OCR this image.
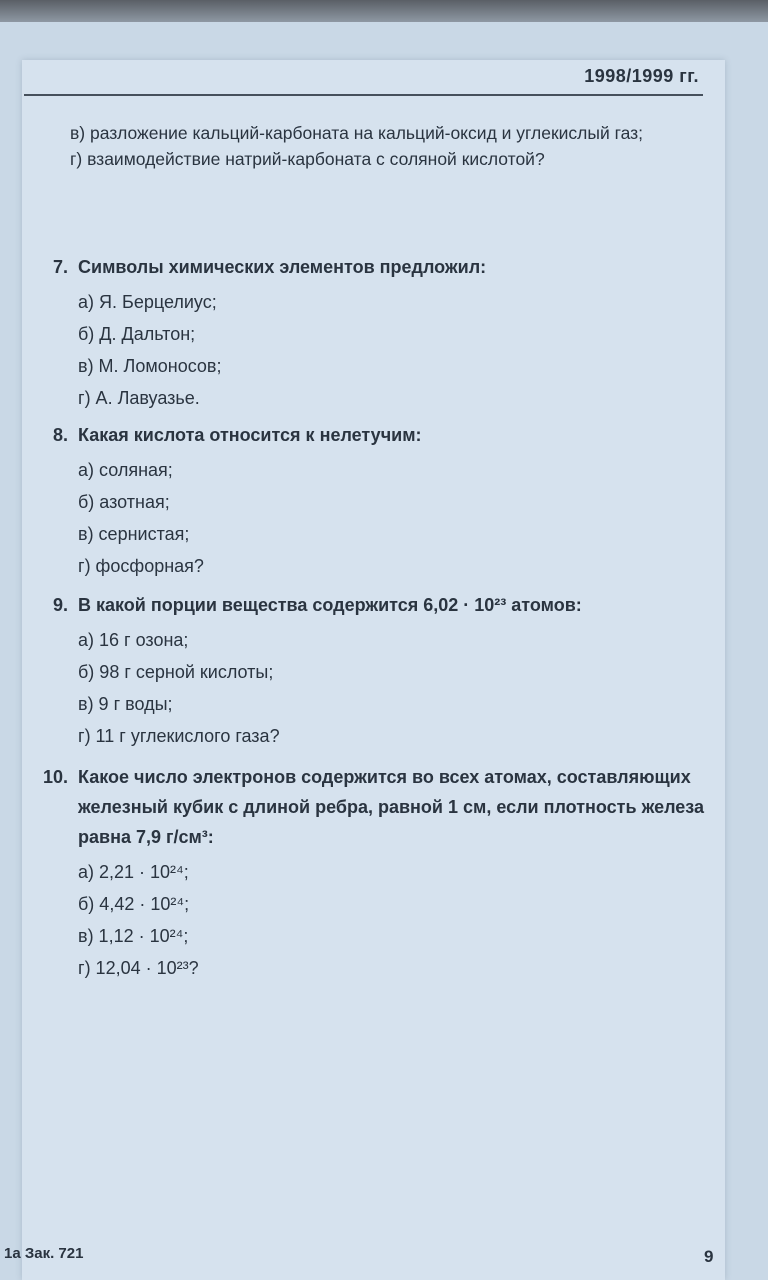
1998/1999 гг.

в) разложение кальций-карбоната на кальций-оксид и углекислый газ;

г) взаимодействие натрий-карбоната с соляной кислотой?

7. Символы химических элементов предложил:
а) Я. Берцелиус;
б) Д. Дальтон;
в) М. Ломоносов;
г) А. Лавуазье.
8. Какая кислота относится к нелетучим:
а) соляная;
б) азотная;
в) сернистая;
г) фосфорная?
9. В какой порции вещества содержится 6,02 · 10²³ атомов:
а) 16 г озона;
б) 98 г серной кислоты;
в) 9 г воды;
г) 11 г углекислого газа?
10. Какое число электронов содержится во всех атомах, составляющих железный кубик с длиной ребра, равной 1 см, если плотность железа равна 7,9 г/см³:
а) 2,21 · 10²⁴;
б) 4,42 · 10²⁴;
в) 1,12 · 10²⁴;
г) 12,04 · 10²³?
1а Зак. 721	9
